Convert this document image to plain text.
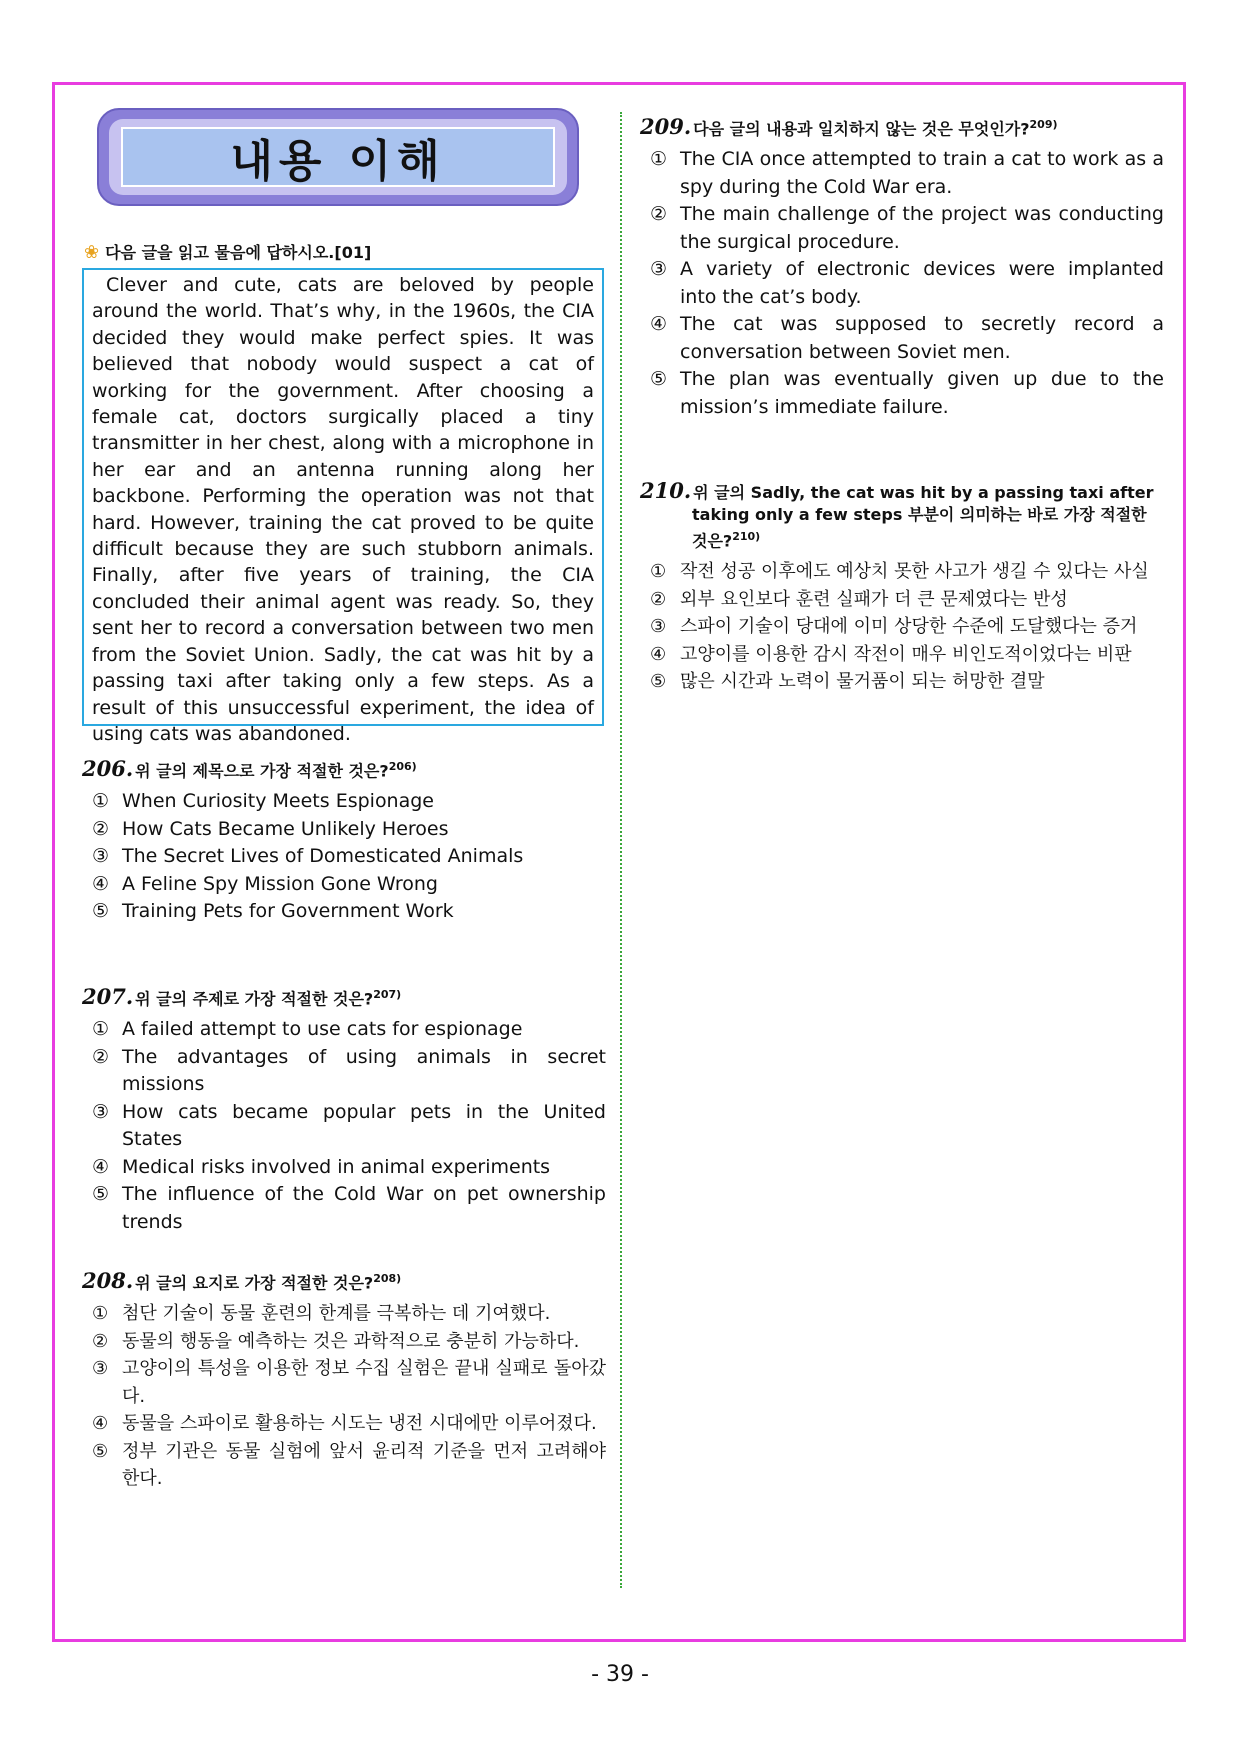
내용 이해
❀ 다음 글을 읽고 물음에 답하시오.[01]
Clever and cute, cats are beloved by people around the world. That’s why, in the 1960s, the CIA decided they would make perfect spies. It was believed that nobody would suspect a cat of working for the government. After choosing a female cat, doctors surgically placed a tiny transmitter in her chest, along with a microphone in her ear and an antenna running along her backbone. Performing the operation was not that hard. However, training the cat proved to be quite difficult because they are such stubborn animals. Finally, after five years of training, the CIA concluded their animal agent was ready. So, they sent her to record a conversation between two men from the Soviet Union. Sadly, the cat was hit by a passing taxi after taking only a few steps. As a result of this unsuccessful experiment, the idea of using cats was abandoned.
206. 위 글의 제목으로 가장 적절한 것은?$^{206)}$
① When Curiosity Meets Espionage
② How Cats Became Unlikely Heroes
③ The Secret Lives of Domesticated Animals
④ A Feline Spy Mission Gone Wrong
⑤ Training Pets for Government Work
207. 위 글의 주제로 가장 적절한 것은?$^{207)}$
① A failed attempt to use cats for espionage
② The advantages of using animals in secret missions
③ How cats became popular pets in the United States
④ Medical risks involved in animal experiments
⑤ The influence of the Cold War on pet ownership trends
208. 위 글의 요지로 가장 적절한 것은?$^{208)}$
① 첨단 기술이 동물 훈련의 한계를 극복하는 데 기여했다.
② 동물의 행동을 예측하는 것은 과학적으로 충분히 가능하다.
③ 고양이의 특성을 이용한 정보 수집 실험은 끝내 실패로 돌아갔다.
④ 동물을 스파이로 활용하는 시도는 냉전 시대에만 이루어졌다.
⑤ 정부 기관은 동물 실험에 앞서 윤리적 기준을 먼저 고려해야 한다.
209. 다음 글의 내용과 일치하지 않는 것은 무엇인가?$^{209)}$
① The CIA once attempted to train a cat to work as a spy during the Cold War era.
② The main challenge of the project was conducting the surgical procedure.
③ A variety of electronic devices were implanted into the cat’s body.
④ The cat was supposed to secretly record a conversation between Soviet men.
⑤ The plan was eventually given up due to the mission’s immediate failure.
210. 위 글의 Sadly, the cat was hit by a passing taxi after taking only a few steps 부분이 의미하는 바로 가장 적절한 것은?$^{210)}$
① 작전 성공 이후에도 예상치 못한 사고가 생길 수 있다는 사실
② 외부 요인보다 훈련 실패가 더 큰 문제였다는 반성
③ 스파이 기술이 당대에 이미 상당한 수준에 도달했다는 증거
④ 고양이를 이용한 감시 작전이 매우 비인도적이었다는 비판
⑤ 많은 시간과 노력이 물거품이 되는 허망한 결말
- 39 -
